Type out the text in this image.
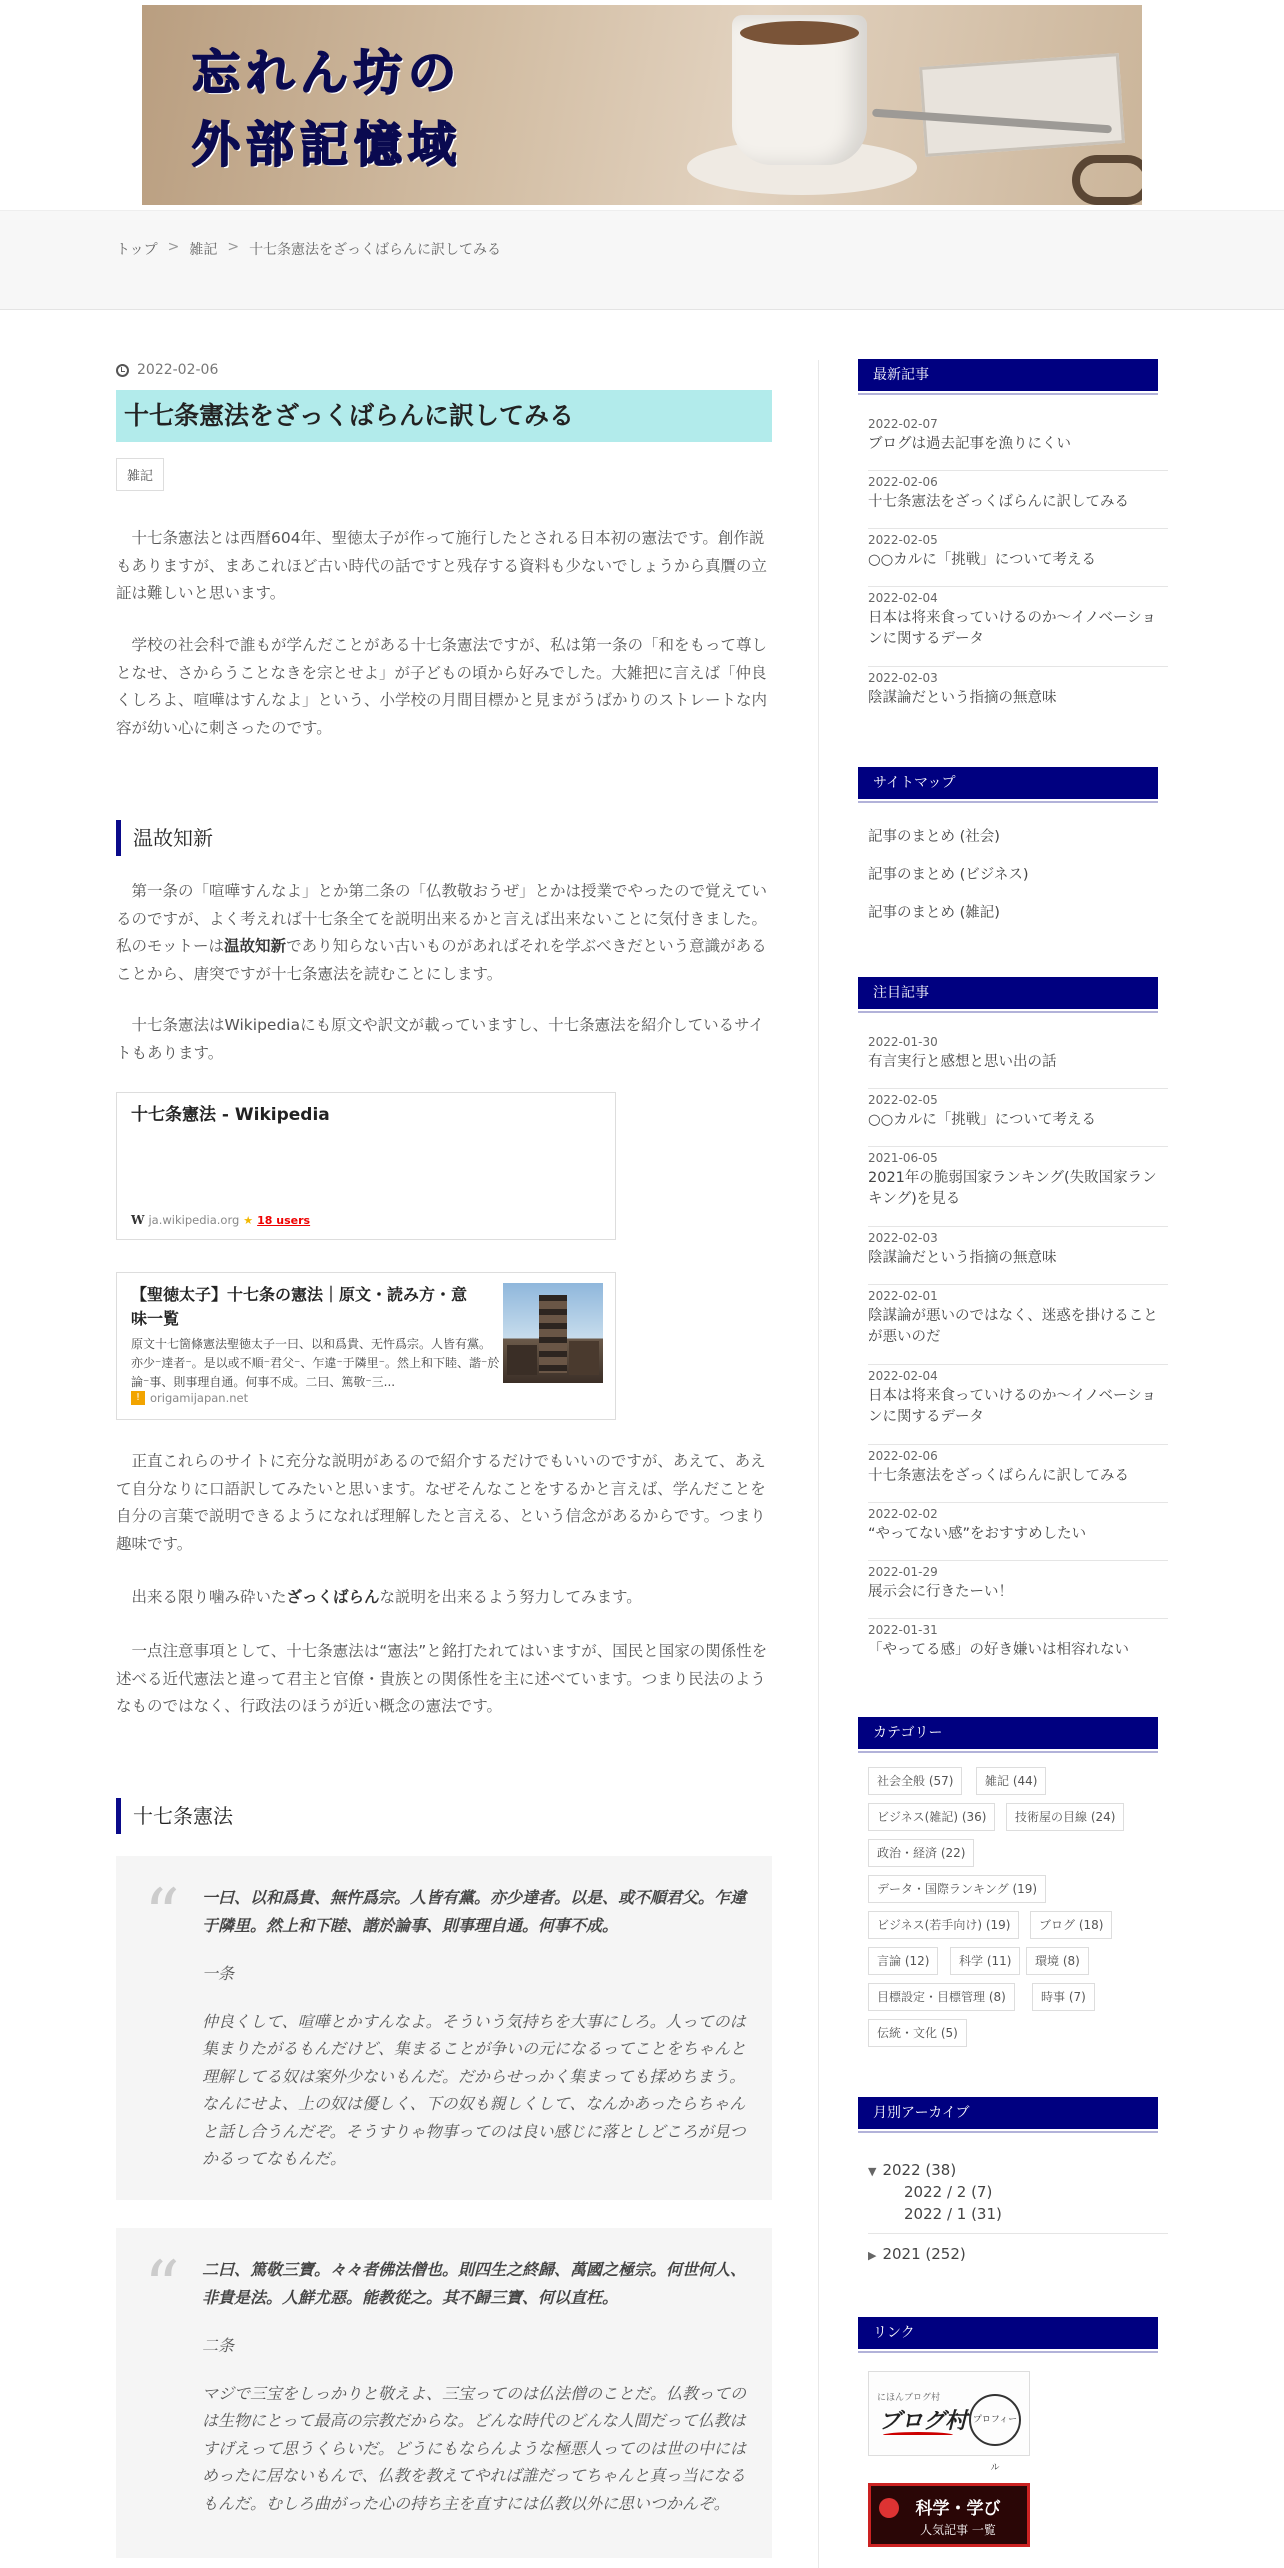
忘れん坊の
外部記憶域
トップ > 雑記 > 十七条憲法をざっくばらんに訳してみる
2022-02-06
十七条憲法をざっくばらんに訳してみる
雑記

十七条憲法とは西暦604年、聖徳太子が作って施行したとされる日本初の憲法です。創作説もありますが、まあこれほど古い時代の話ですと残存する資料も少ないでしょうから真贋の立証は難しいと思います。

学校の社会科で誰もが学んだことがある十七条憲法ですが、私は第一条の「和をもって尊しとなせ、さからうことなきを宗とせよ」が子どもの頃から好みでした。大雑把に言えば「仲良くしろよ、喧嘩はすんなよ」という、小学校の月間目標かと見まがうばかりのストレートな内容が幼い心に刺さったのです。

温故知新

第一条の「喧嘩すんなよ」とか第二条の「仏教敬おうぜ」とかは授業でやったので覚えているのですが、よく考えれば十七条全てを説明出来るかと言えば出来ないことに気付きました。私のモットーは温故知新であり知らない古いものがあればそれを学ぶべきだという意識があることから、唐突ですが十七条憲法を読むことにします。

十七条憲法はWikipediaにも原文や訳文が載っていますし、十七条憲法を紹介しているサイトもあります。

十七条憲法 - Wikipedia
W ja.wikipedia.org ★ 18 users
【聖徳太子】十七条の憲法｜原文・読み方・意味一覧
原文十七箇條憲法聖徳太子一曰、以和爲貴、无忤爲宗。人皆有黨。亦少⁻達者⁻。是以或不順⁻君父⁻、乍違⁻于隣里⁻。然上和下睦、諧⁻於論⁻事、則事理自通。何事不成。二曰、篤敬⁻三...
! origamijapan.net

正直これらのサイトに充分な説明があるので紹介するだけでもいいのですが、あえて、あえて自分なりに口語訳してみたいと思います。なぜそんなことをするかと言えば、学んだことを自分の言葉で説明できるようになれば理解したと言える、という信念があるからです。つまり趣味です。

出来る限り噛み砕いたざっくばらんな説明を出来るよう努力してみます。

一点注意事項として、十七条憲法は“憲法”と銘打たれてはいますが、国民と国家の関係性を述べる近代憲法と違って君主と官僚・貴族との関係性を主に述べています。つまり民法のようなものではなく、行政法のほうが近い概念の憲法です。

十七条憲法
“ 一曰、以和爲貴、無忤爲宗。人皆有黨。亦少達者。以是、或不順君父。乍違于隣里。然上和下睦、諧於論事、則事理自通。何事不成。
一条
仲良くして、喧嘩とかすんなよ。そういう気持ちを大事にしろ。人ってのは集まりたがるもんだけど、集まることが争いの元になるってことをちゃんと理解してる奴は案外少ないもんだ。だからせっかく集まっても揉めちまう。なんにせよ、上の奴は優しく、下の奴も親しくして、なんかあったらちゃんと話し合うんだぞ。そうすりゃ物事ってのは良い感じに落としどころが見つかるってなもんだ。
“ 二曰、篤敬三寶。々々者佛法僧也。則四生之終歸、萬國之極宗。何世何人、非貴是法。人鮮尤惡。能教從之。其不歸三寶、何以直枉。
二条
マジで三宝をしっかりと敬えよ、三宝ってのは仏法僧のことだ。仏教ってのは生物にとって最高の宗教だからな。どんな時代のどんな人間だって仏教はすげえって思うくらいだ。どうにもならんような極悪人ってのは世の中にはめったに居ないもんで、仏教を教えてやれば誰だってちゃんと真っ当になるもんだ。むしろ曲がった心の持ち主を直すには仏教以外に思いつかんぞ。
最新記事
2022-02-07
ブログは過去記事を漁りにくい
2022-02-06
十七条憲法をざっくばらんに訳してみる
2022-02-05
○○カルに「挑戦」について考える
2022-02-04
日本は将来食っていけるのか～イノベーションに関するデータ
2022-02-03
陰謀論だという指摘の無意味
サイトマップ
記事のまとめ (社会)
記事のまとめ (ビジネス)
記事のまとめ (雑記)
注目記事
2022-01-30
有言実行と感想と思い出の話
2022-02-05
○○カルに「挑戦」について考える
2021-06-05
2021年の脆弱国家ランキング(失敗国家ランキング)を見る
2022-02-03
陰謀論だという指摘の無意味
2022-02-01
陰謀論が悪いのではなく、迷惑を掛けることが悪いのだ
2022-02-04
日本は将来食っていけるのか～イノベーションに関するデータ
2022-02-06
十七条憲法をざっくばらんに訳してみる
2022-02-02
“やってない感”をおすすめしたい
2022-01-29
展示会に行きたーい！
2022-01-31
「やってる感」の好き嫌いは相容れない
カテゴリー
社会全般 (57)	雑記 (44)
ビジネス(雑記) (36)	技術屋の目線 (24)
政治・経済 (22)
データ・国際ランキング (19)
ビジネス(若手向け) (19)	ブログ (18)
言論 (12)	科学 (11)	環境 (8)
目標設定・目標管理 (8)	時事 (7)
伝統・文化 (5)
月別アーカイブ
▼ 2022 (38)
2022 / 2 (7)
2022 / 1 (31)
▶ 2021 (252)
リンク
にほんブログ村
ブログ村 プロフィール
科学・学び
人気記事 一覧
